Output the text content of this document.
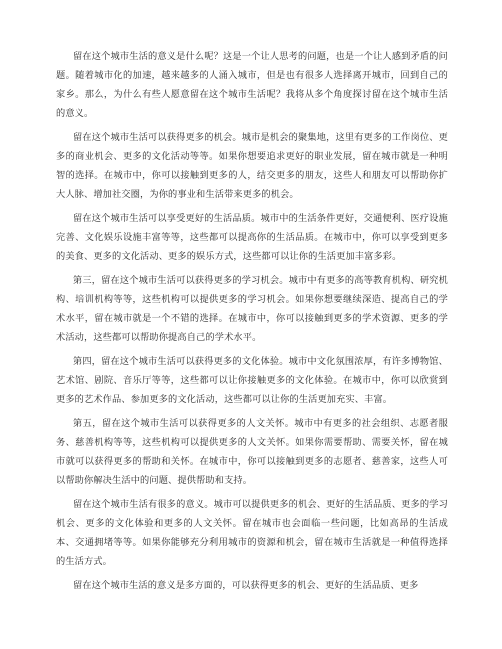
留在这个城市生活的意义是什么呢？这是一个让人思考的问题，也是一个让人感到矛盾的问题。随着城市化的加速，越来越多的人涌入城市，但是也有很多人选择离开城市，回到自己的家乡。那么，为什么有些人愿意留在这个城市生活呢？我将从多个角度探讨留在这个城市生活的意义。

留在这个城市生活可以获得更多的机会。城市是机会的聚集地，这里有更多的工作岗位、更多的商业机会、更多的文化活动等等。如果你想要追求更好的职业发展，留在城市就是一种明智的选择。在城市中，你可以接触到更多的人，结交更多的朋友，这些人和朋友可以帮助你扩大人脉、增加社交圈，为你的事业和生活带来更多的机会。

留在这个城市生活可以享受更好的生活品质。城市中的生活条件更好，交通便利、医疗设施完善、文化娱乐设施丰富等等，这些都可以提高你的生活品质。在城市中，你可以享受到更多的美食、更多的文化活动、更多的娱乐方式，这些都可以让你的生活更加丰富多彩。

第三，留在这个城市生活可以获得更多的学习机会。城市中有更多的高等教育机构、研究机构、培训机构等等，这些机构可以提供更多的学习机会。如果你想要继续深造、提高自己的学术水平，留在城市就是一个不错的选择。在城市中，你可以接触到更多的学术资源、更多的学术活动，这些都可以帮助你提高自己的学术水平。

第四，留在这个城市生活可以获得更多的文化体验。城市中文化氛围浓厚，有许多博物馆、艺术馆、剧院、音乐厅等等，这些都可以让你接触更多的文化体验。在城市中，你可以欣赏到更多的艺术作品、参加更多的文化活动，这些都可以让你的生活更加充实、丰富。

第五，留在这个城市生活可以获得更多的人文关怀。城市中有更多的社会组织、志愿者服务、慈善机构等等，这些机构可以提供更多的人文关怀。如果你需要帮助、需要关怀，留在城市就可以获得更多的帮助和关怀。在城市中，你可以接触到更多的志愿者、慈善家，这些人可以帮助你解决生活中的问题、提供帮助和支持。

留在这个城市生活有很多的意义。城市可以提供更多的机会、更好的生活品质、更多的学习机会、更多的文化体验和更多的人文关怀。留在城市也会面临一些问题，比如高昂的生活成本、交通拥堵等等。如果你能够充分利用城市的资源和机会，留在城市生活就是一种值得选择的生活方式。

留在这个城市生活的意义是多方面的，可以获得更多的机会、更好的生活品质、更多
